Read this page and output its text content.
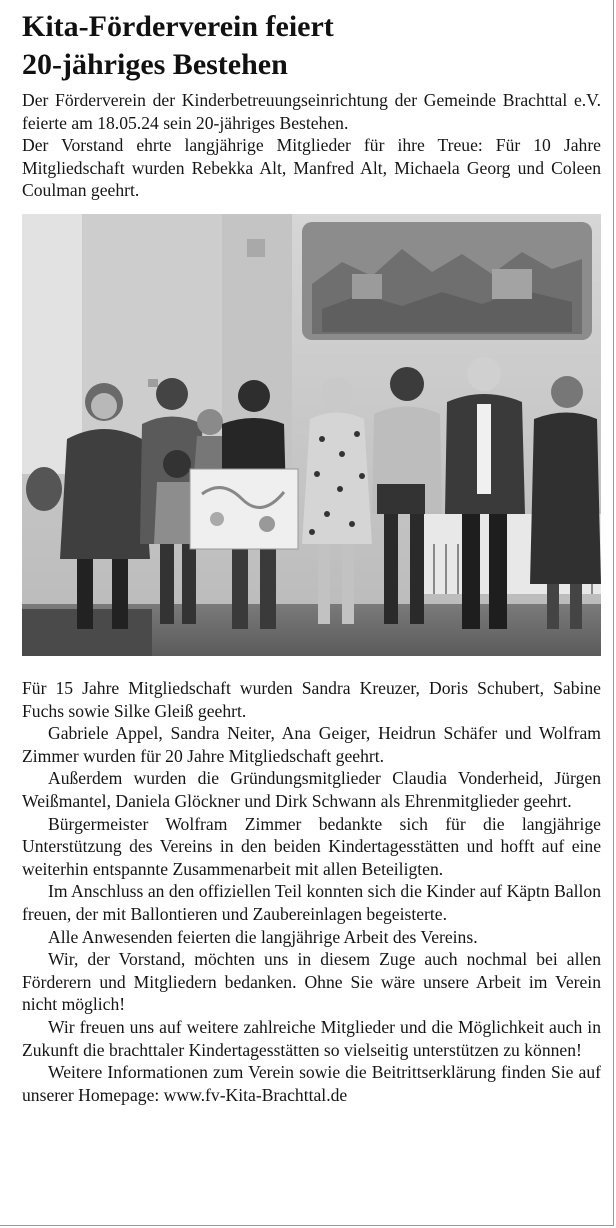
Kita-Förderverein feiert
20-jähriges Bestehen

Der Förderverein der Kinderbetreuungseinrichtung der Gemeinde Brachttal e.V. feierte am 18.05.24 sein 20-jähriges Bestehen.

Der Vorstand ehrte langjährige Mitglieder für ihre Treue: Für 10 Jahre Mitgliedschaft wurden Rebekka Alt, Manfred Alt, Michaela Georg und Coleen Coulman geehrt.

Für 15 Jahre Mitgliedschaft wurden Sandra Kreuzer, Doris Schubert, Sabine Fuchs sowie Silke Gleiß geehrt.

Gabriele Appel, Sandra Neiter, Ana Geiger, Heidrun Schäfer und Wolfram Zimmer wurden für 20 Jahre Mitgliedschaft geehrt.

Außerdem wurden die Gründungsmitglieder Claudia Vonderheid, Jürgen Weißmantel, Daniela Glöckner und Dirk Schwann als Ehrenmitglieder geehrt.

Bürgermeister Wolfram Zimmer bedankte sich für die langjährige Unterstützung des Vereins in den beiden Kindertagesstätten und hofft auf eine weiterhin entspannte Zusammenarbeit mit allen Beteiligten.

Im Anschluss an den offiziellen Teil konnten sich die Kinder auf Käptn Ballon freuen, der mit Ballontieren und Zaubereinlagen begeisterte.

Alle Anwesenden feierten die langjährige Arbeit des Vereins.

Wir, der Vorstand, möchten uns in diesem Zuge auch nochmal bei allen Förderern und Mitgliedern bedanken. Ohne Sie wäre unsere Arbeit im Verein nicht möglich!

Wir freuen uns auf weitere zahlreiche Mitglieder und die Möglichkeit auch in Zukunft die brachttaler Kindertagesstätten so vielseitig unterstützen zu können!

Weitere Informationen zum Verein sowie die Beitrittserklärung finden Sie auf unserer Homepage: www.fv-Kita-Brachttal.de
